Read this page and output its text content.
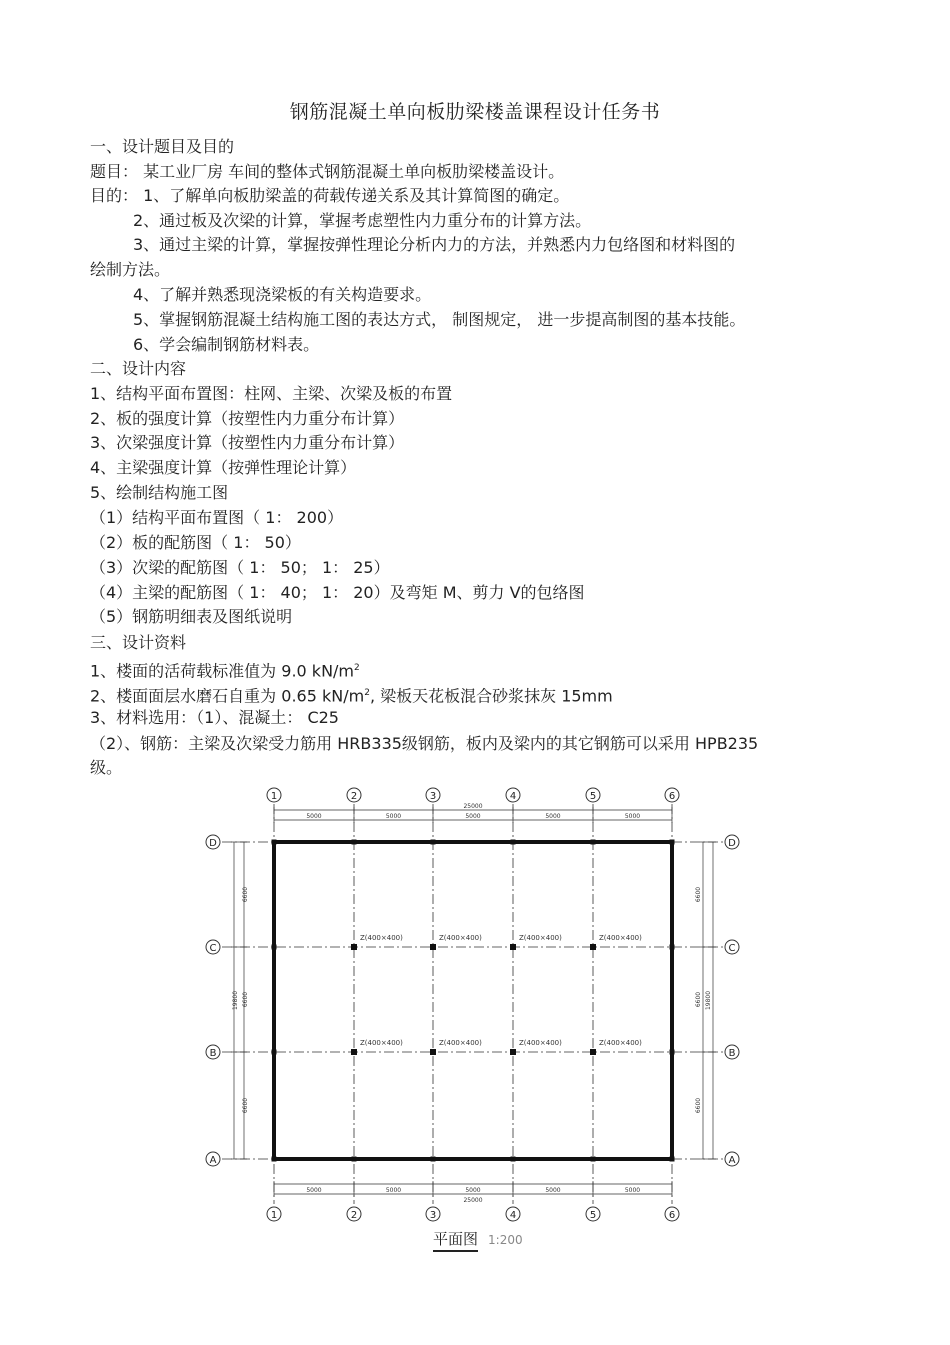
钢筋混凝土单向板肋梁楼盖课程设计任务书
一、设计题目及目的
题目： 某工业厂房 车间的整体式钢筋混凝土单向板肋梁楼盖设计。
目的： 1、了解单向板肋梁盖的荷载传递关系及其计算简图的确定。
2、通过板及次梁的计算，掌握考虑塑性内力重分布的计算方法。
3、通过主梁的计算，掌握按弹性理论分析内力的方法，并熟悉内力包络图和材料图的
绘制方法。
4、了解并熟悉现浇梁板的有关构造要求。
5、掌握钢筋混凝土结构施工图的表达方式， 制图规定， 进一步提高制图的基本技能。
6、学会编制钢筋材料表。
二、设计内容
1、结构平面布置图：柱网、主梁、次梁及板的布置
2、板的强度计算（按塑性内力重分布计算）
3、次梁强度计算（按塑性内力重分布计算）
4、主梁强度计算（按弹性理论计算）
5、绘制结构施工图
（1）结构平面布置图（ 1： 200）
（2）板的配筋图（ 1： 50）
（3）次梁的配筋图（ 1： 50； 1： 25）
（4）主梁的配筋图（ 1： 40； 1： 20）及弯矩 M、剪力 V的包络图
（5）钢筋明细表及图纸说明
三、设计资料
1、楼面的活荷载标准值为 9.0 $kN/m^2$
2、楼面面层水磨石自重为 0.65 $kN/m^2$, 梁板天花板混合砂浆抹灰 15mm
3、材料选用：（1）、混凝土： C25
（2）、钢筋：主梁及次梁受力筋用 HRB335级钢筋，板内及梁内的其它钢筋可以采用 HPB235
级。
1
1
2
2
3
3
4
4
5
5
6
6
D	D
C	C
B	B
A	A
5000	5000	5000	5000	5000
25000
5000	5000	5000	5000	5000
25000
6600
6600
6600
19800
6600
6600
6600
19800
Z(400×400)	Z(400×400)	Z(400×400)	Z(400×400)
Z(400×400)	Z(400×400)	Z(400×400)	Z(400×400)
平面图 1:200
